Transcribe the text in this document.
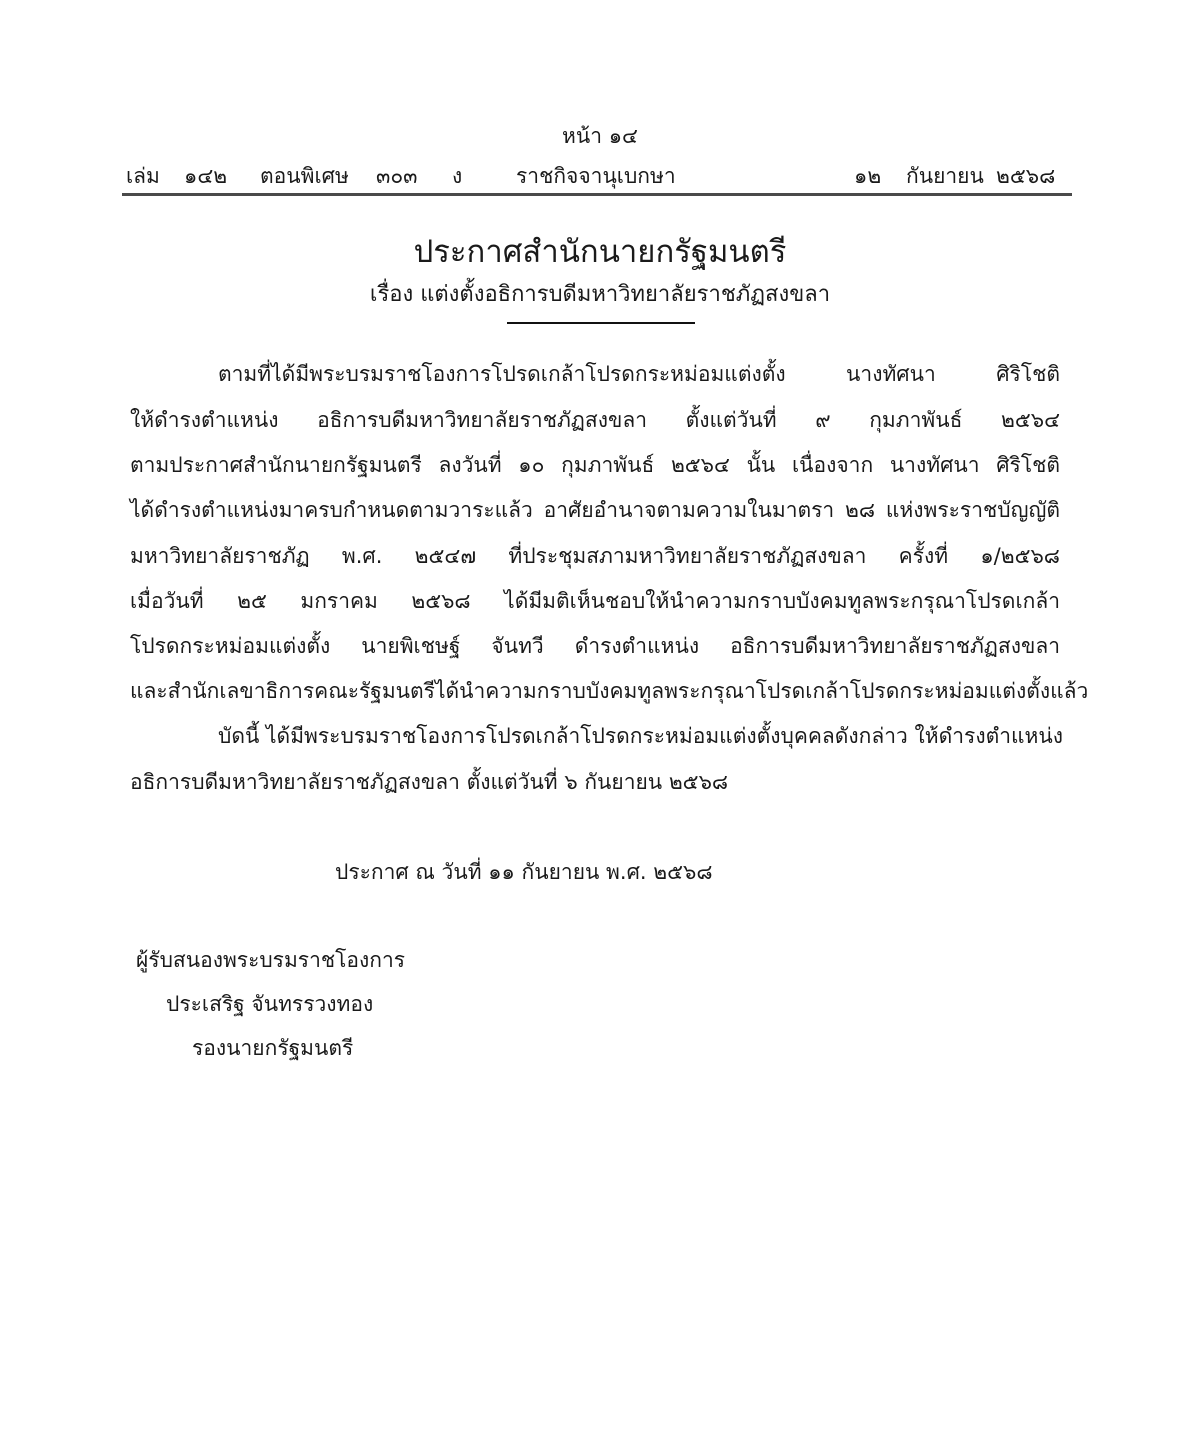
หน้า ๑๔
เล่ม ๑๔๒ ตอนพิเศษ ๓๐๓ ง	ราชกิจจานุเบกษา	๑๒ กันยายน ๒๕๖๘
ประกาศสำนักนายกรัฐมนตรี
เรื่อง แต่งตั้งอธิการบดีมหาวิทยาลัยราชภัฏสงขลา
ตามที่ได้มีพระบรมราชโองการโปรดเกล้าโปรดกระหม่อมแต่งตั้ง นางทัศนา ศิริโชติ
ให้ดำรงตำแหน่ง อธิการบดีมหาวิทยาลัยราชภัฏสงขลา ตั้งแต่วันที่ ๙ กุมภาพันธ์ ๒๕๖๔
ตามประกาศสำนักนายกรัฐมนตรี ลงวันที่ ๑๐ กุมภาพันธ์ ๒๕๖๔ นั้น เนื่องจาก นางทัศนา ศิริโชติ
ได้ดำรงตำแหน่งมาครบกำหนดตามวาระแล้ว อาศัยอำนาจตามความในมาตรา ๒๘ แห่งพระราชบัญญัติ
มหาวิทยาลัยราชภัฏ พ.ศ. ๒๕๔๗ ที่ประชุมสภามหาวิทยาลัยราชภัฏสงขลา ครั้งที่ ๑/๒๕๖๘
เมื่อวันที่ ๒๕ มกราคม ๒๕๖๘ ได้มีมติเห็นชอบให้นำความกราบบังคมทูลพระกรุณาโปรดเกล้า
โปรดกระหม่อมแต่งตั้ง นายพิเชษฐ์ จันทวี ดำรงตำแหน่ง อธิการบดีมหาวิทยาลัยราชภัฏสงขลา
และสำนักเลขาธิการคณะรัฐมนตรีได้นำความกราบบังคมทูลพระกรุณาโปรดเกล้าโปรดกระหม่อมแต่งตั้งแล้ว
บัดนี้ ได้มีพระบรมราชโองการโปรดเกล้าโปรดกระหม่อมแต่งตั้งบุคคลดังกล่าว ให้ดำรงตำแหน่ง
อธิการบดีมหาวิทยาลัยราชภัฏสงขลา ตั้งแต่วันที่ ๖ กันยายน ๒๕๖๘
ประกาศ ณ วันที่ ๑๑ กันยายน พ.ศ. ๒๕๖๘
ผู้รับสนองพระบรมราชโองการ
ประเสริฐ จันทรรวงทอง
รองนายกรัฐมนตรี
